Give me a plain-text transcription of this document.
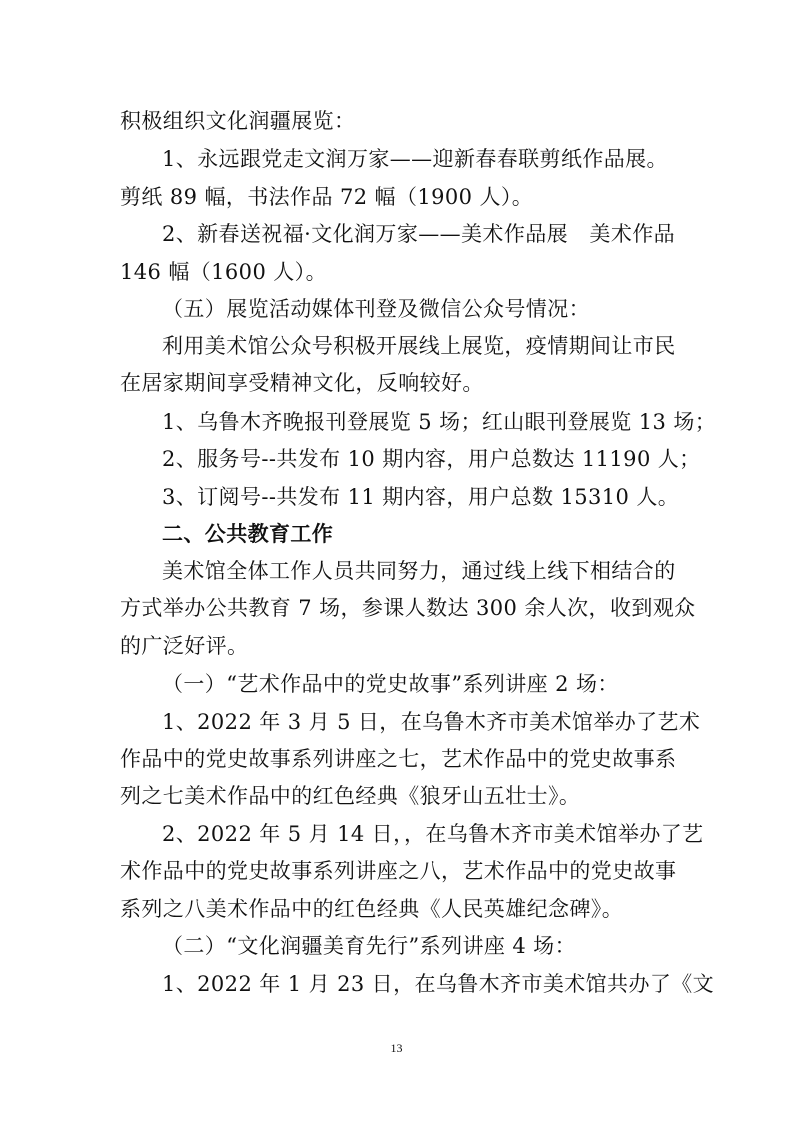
积极组织文化润疆展览：
1、永远跟党走文润万家——迎新春春联剪纸作品展。
剪纸 89 幅，书法作品 72 幅（1900 人）。
2、新春送祝福·文化润万家——美术作品展　美术作品
146 幅（1600 人）。
（五）展览活动媒体刊登及微信公众号情况：
利用美术馆公众号积极开展线上展览，疫情期间让市民
在居家期间享受精神文化，反响较好。
1、乌鲁木齐晚报刊登展览 5 场；红山眼刊登展览 13 场；
2、服务号--共发布 10 期内容，用户总数达 11190 人；
3、订阅号--共发布 11 期内容，用户总数 15310 人。
二、公共教育工作
美术馆全体工作人员共同努力，通过线上线下相结合的
方式举办公共教育 7 场，参课人数达 300 余人次，收到观众
的广泛好评。
（一）“艺术作品中的党史故事”系列讲座 2 场：
1、2022 年 3 月 5 日，在乌鲁木齐市美术馆举办了艺术
作品中的党史故事系列讲座之七，艺术作品中的党史故事系
列之七美术作品中的红色经典《狼牙山五壮士》。
2、2022 年 5 月 14 日，，在乌鲁木齐市美术馆举办了艺
术作品中的党史故事系列讲座之八，艺术作品中的党史故事
系列之八美术作品中的红色经典《人民英雄纪念碑》。
（二）“文化润疆美育先行”系列讲座 4 场：
1、2022 年 1 月 23 日，在乌鲁木齐市美术馆共办了《文
13
